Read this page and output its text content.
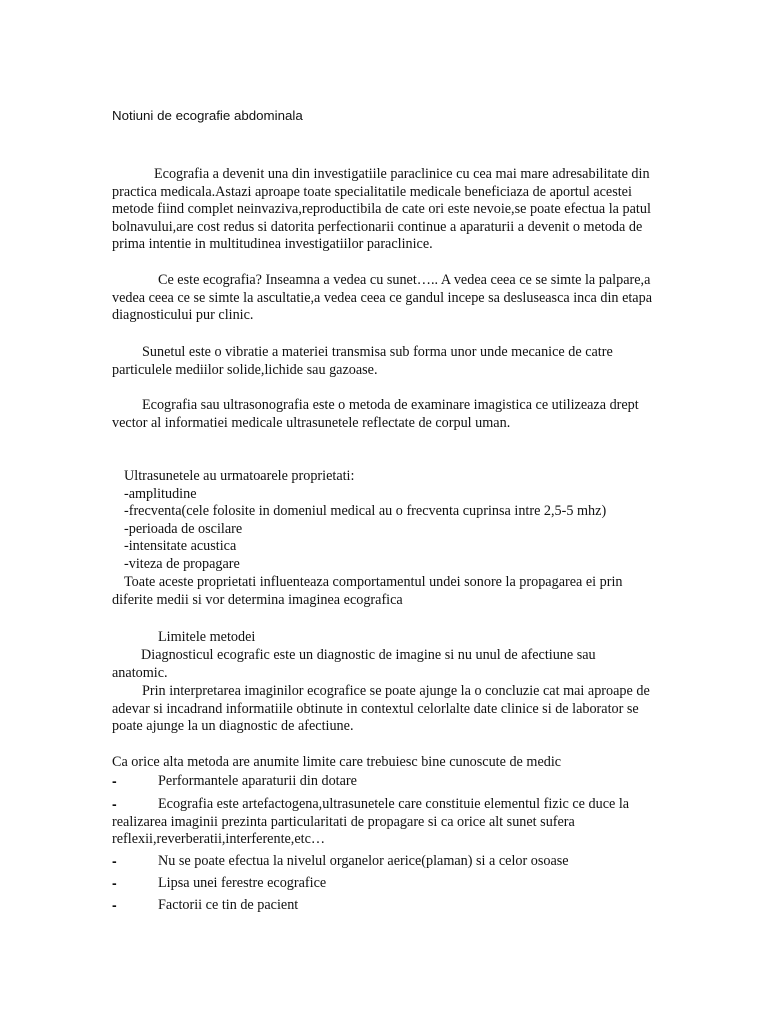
Notiuni de ecografie abdominala

Ecografia a devenit una din investigatiile paraclinice cu cea mai mare adresabilitate din practica medicala.Astazi aproape toate specialitatile medicale beneficiaza de aportul acestei metode fiind complet neinvaziva,reproductibila de cate ori este nevoie,se poate efectua la patul bolnavului,are cost redus si datorita perfectionarii continue a aparaturii a devenit o metoda de prima intentie in multitudinea investigatiilor paraclinice.

Ce este ecografia? Inseamna a vedea cu sunet….. A vedea ceea ce se simte la palpare,a vedea ceea ce se simte la ascultatie,a vedea ceea ce gandul incepe sa desluseasca inca din etapa diagnosticului pur clinic.

Sunetul este o vibratie a materiei transmisa sub forma unor unde mecanice de catre particulele mediilor solide,lichide sau gazoase.

Ecografia sau ultrasonografia este o metoda de examinare imagistica ce utilizeaza drept vector al informatiei medicale ultrasunetele reflectate de corpul uman.

Ultrasunetele au urmatoarele proprietati:
-amplitudine
-frecventa(cele folosite in domeniul medical au o frecventa cuprinsa intre 2,5-5 mhz)
-perioada de oscilare
-intensitate acustica
-viteza de propagare

Toate aceste proprietati influenteaza comportamentul undei sonore la propagarea ei prin diferite medii si vor determina imaginea ecografica

Limitele metodei

Diagnosticul ecografic este un diagnostic de imagine si nu unul de afectiune sau anatomic.

Prin interpretarea imaginilor ecografice se poate ajunge la o concluzie cat mai aproape de adevar si incadrand informatiile obtinute in contextul celorlalte date clinice si de laborator se poate ajunge la un diagnostic de afectiune.

Ca orice alta metoda are anumite limite care trebuiesc bine cunoscute de medic

-	Performantele aparaturii din dotare

-	Ecografia este artefactogena,ultrasunetele care constituie elementul fizic ce duce la realizarea imaginii prezinta particularitati de propagare si ca orice alt sunet sufera reflexii,reverberatii,interferente,etc…

-	Nu se poate efectua la nivelul organelor aerice(plaman) si a celor osoase

-	Lipsa unei ferestre ecografice

-	Factorii ce tin de pacient
